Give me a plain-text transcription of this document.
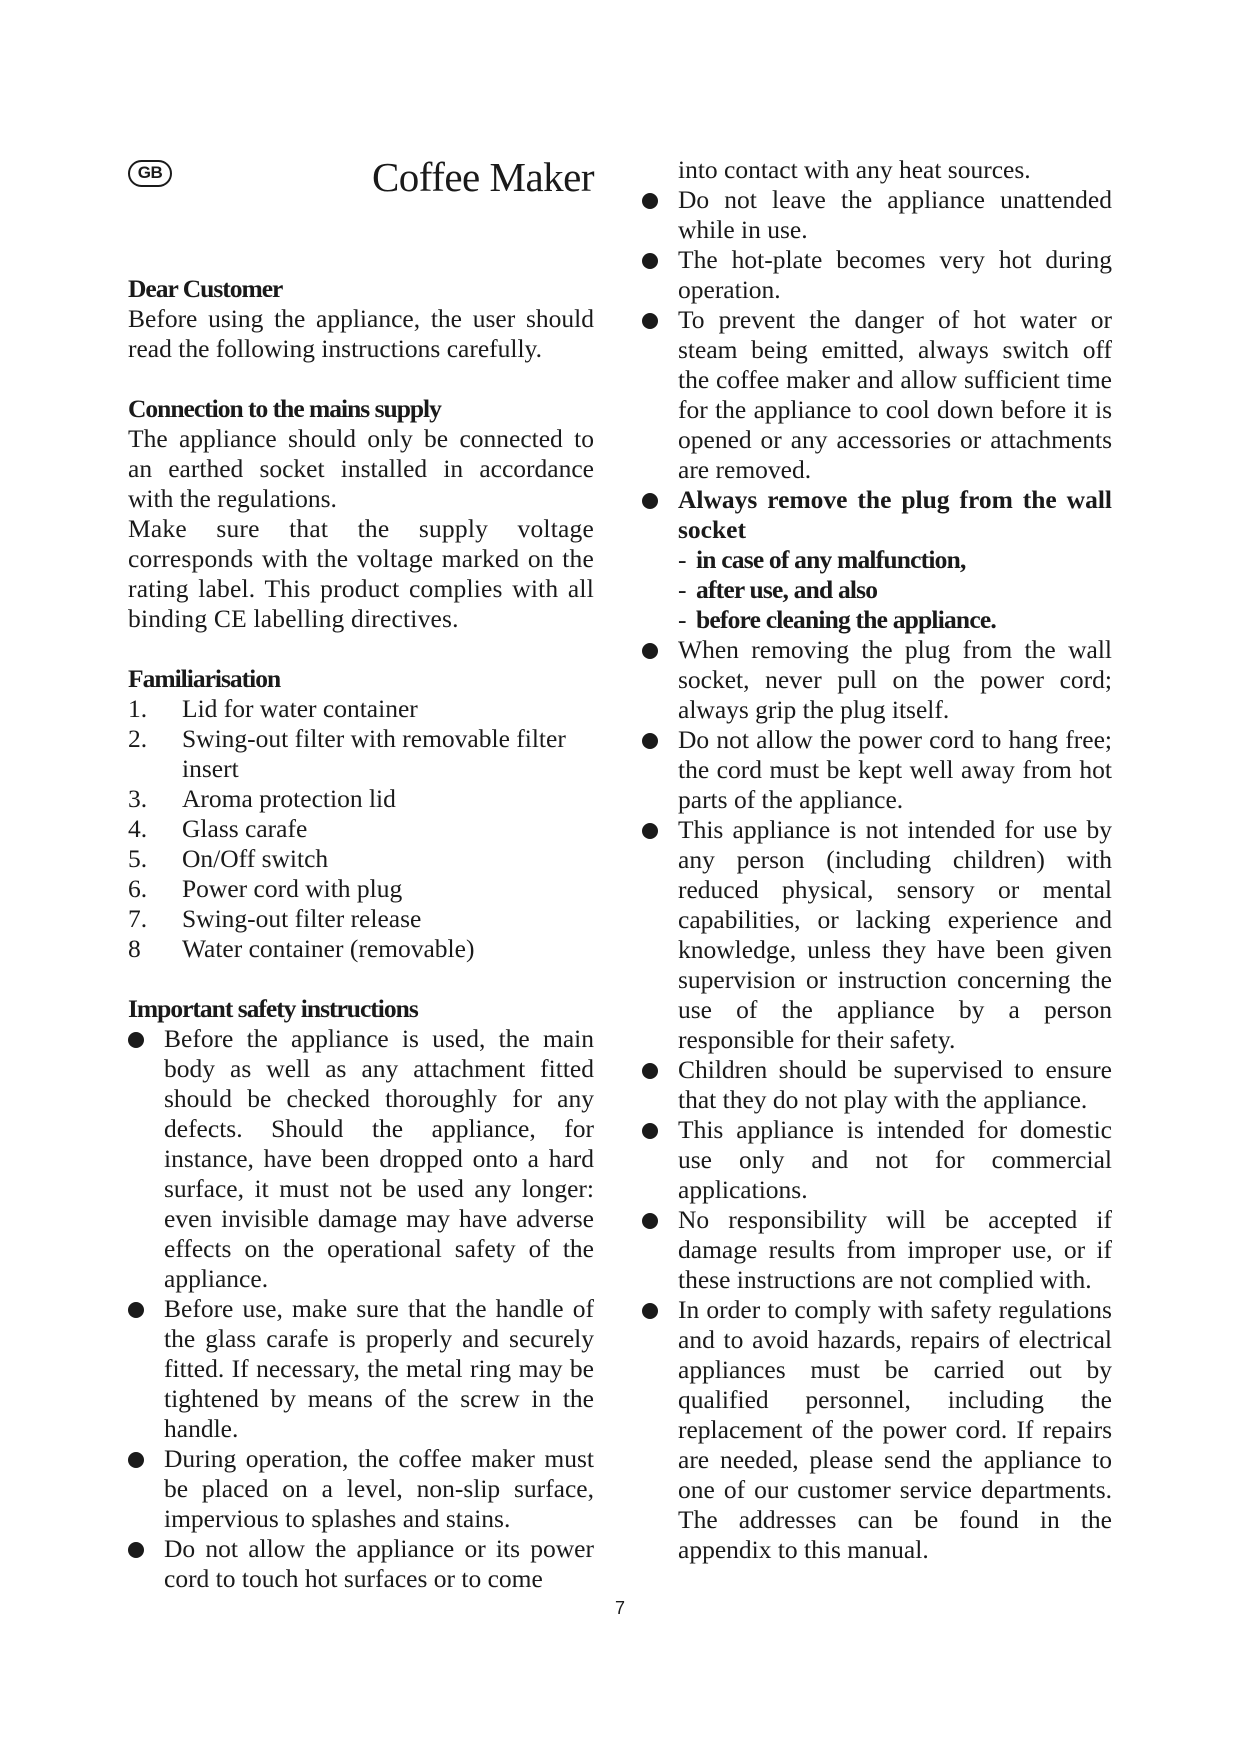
GB	Coffee Maker

Dear Customer

Before using the appliance, the user should read the following instructions carefully.

Connection to the mains supply

The appliance should only be connected to an earthed socket installed in accordance with the regulations.

Make sure that the supply voltage corresponds with the voltage marked on the rating label. This product complies with all binding CE labelling directives.

Familiarisation

1. Lid for water container
2. Swing-out filter with removable filter insert
3. Aroma protection lid
4. Glass carafe
5. On/Off switch
6. Power cord with plug
7. Swing-out filter release
8 Water container (removable)

Important safety instructions

Before the appliance is used, the main body as well as any attachment fitted should be checked thoroughly for any defects. Should the appliance, for instance, have been dropped onto a hard surface, it must not be used any longer: even invisible damage may have adverse effects on the operational safety of the appliance.
Before use, make sure that the handle of the glass carafe is properly and securely fitted. If necessary, the metal ring may be tightened by means of the screw in the handle.
During operation, the coffee maker must be placed on a level, non-slip surface, impervious to splashes and stains.
Do not allow the appliance or its power cord to touch hot surfaces or to come

into contact with any heat sources.

Do not leave the appliance unattended while in use.
The hot-plate becomes very hot during operation.
To prevent the danger of hot water or steam being emitted, always switch off the coffee maker and allow sufficient time for the appliance to cool down before it is opened or any accessories or attachments are removed.
Always remove the plug from the wall socket
- in case of any malfunction,
- after use, and also
- before cleaning the appliance.
When removing the plug from the wall socket, never pull on the power cord; always grip the plug itself.
Do not allow the power cord to hang free; the cord must be kept well away from hot parts of the appliance.
This appliance is not intended for use by any person (including children) with reduced physical, sensory or mental capabilities, or lacking experience and knowledge, unless they have been given supervision or instruction concerning the use of the appliance by a person responsible for their safety.
Children should be supervised to ensure that they do not play with the appliance.
This appliance is intended for domestic use only and not for commercial applications.
No responsibility will be accepted if damage results from improper use, or if these instructions are not complied with.
In order to comply with safety regulations and to avoid hazards, repairs of electrical appliances must be carried out by qualified personnel, including the replacement of the power cord. If repairs are needed, please send the appliance to one of our customer service departments. The addresses can be found in the appendix to this manual.
7
